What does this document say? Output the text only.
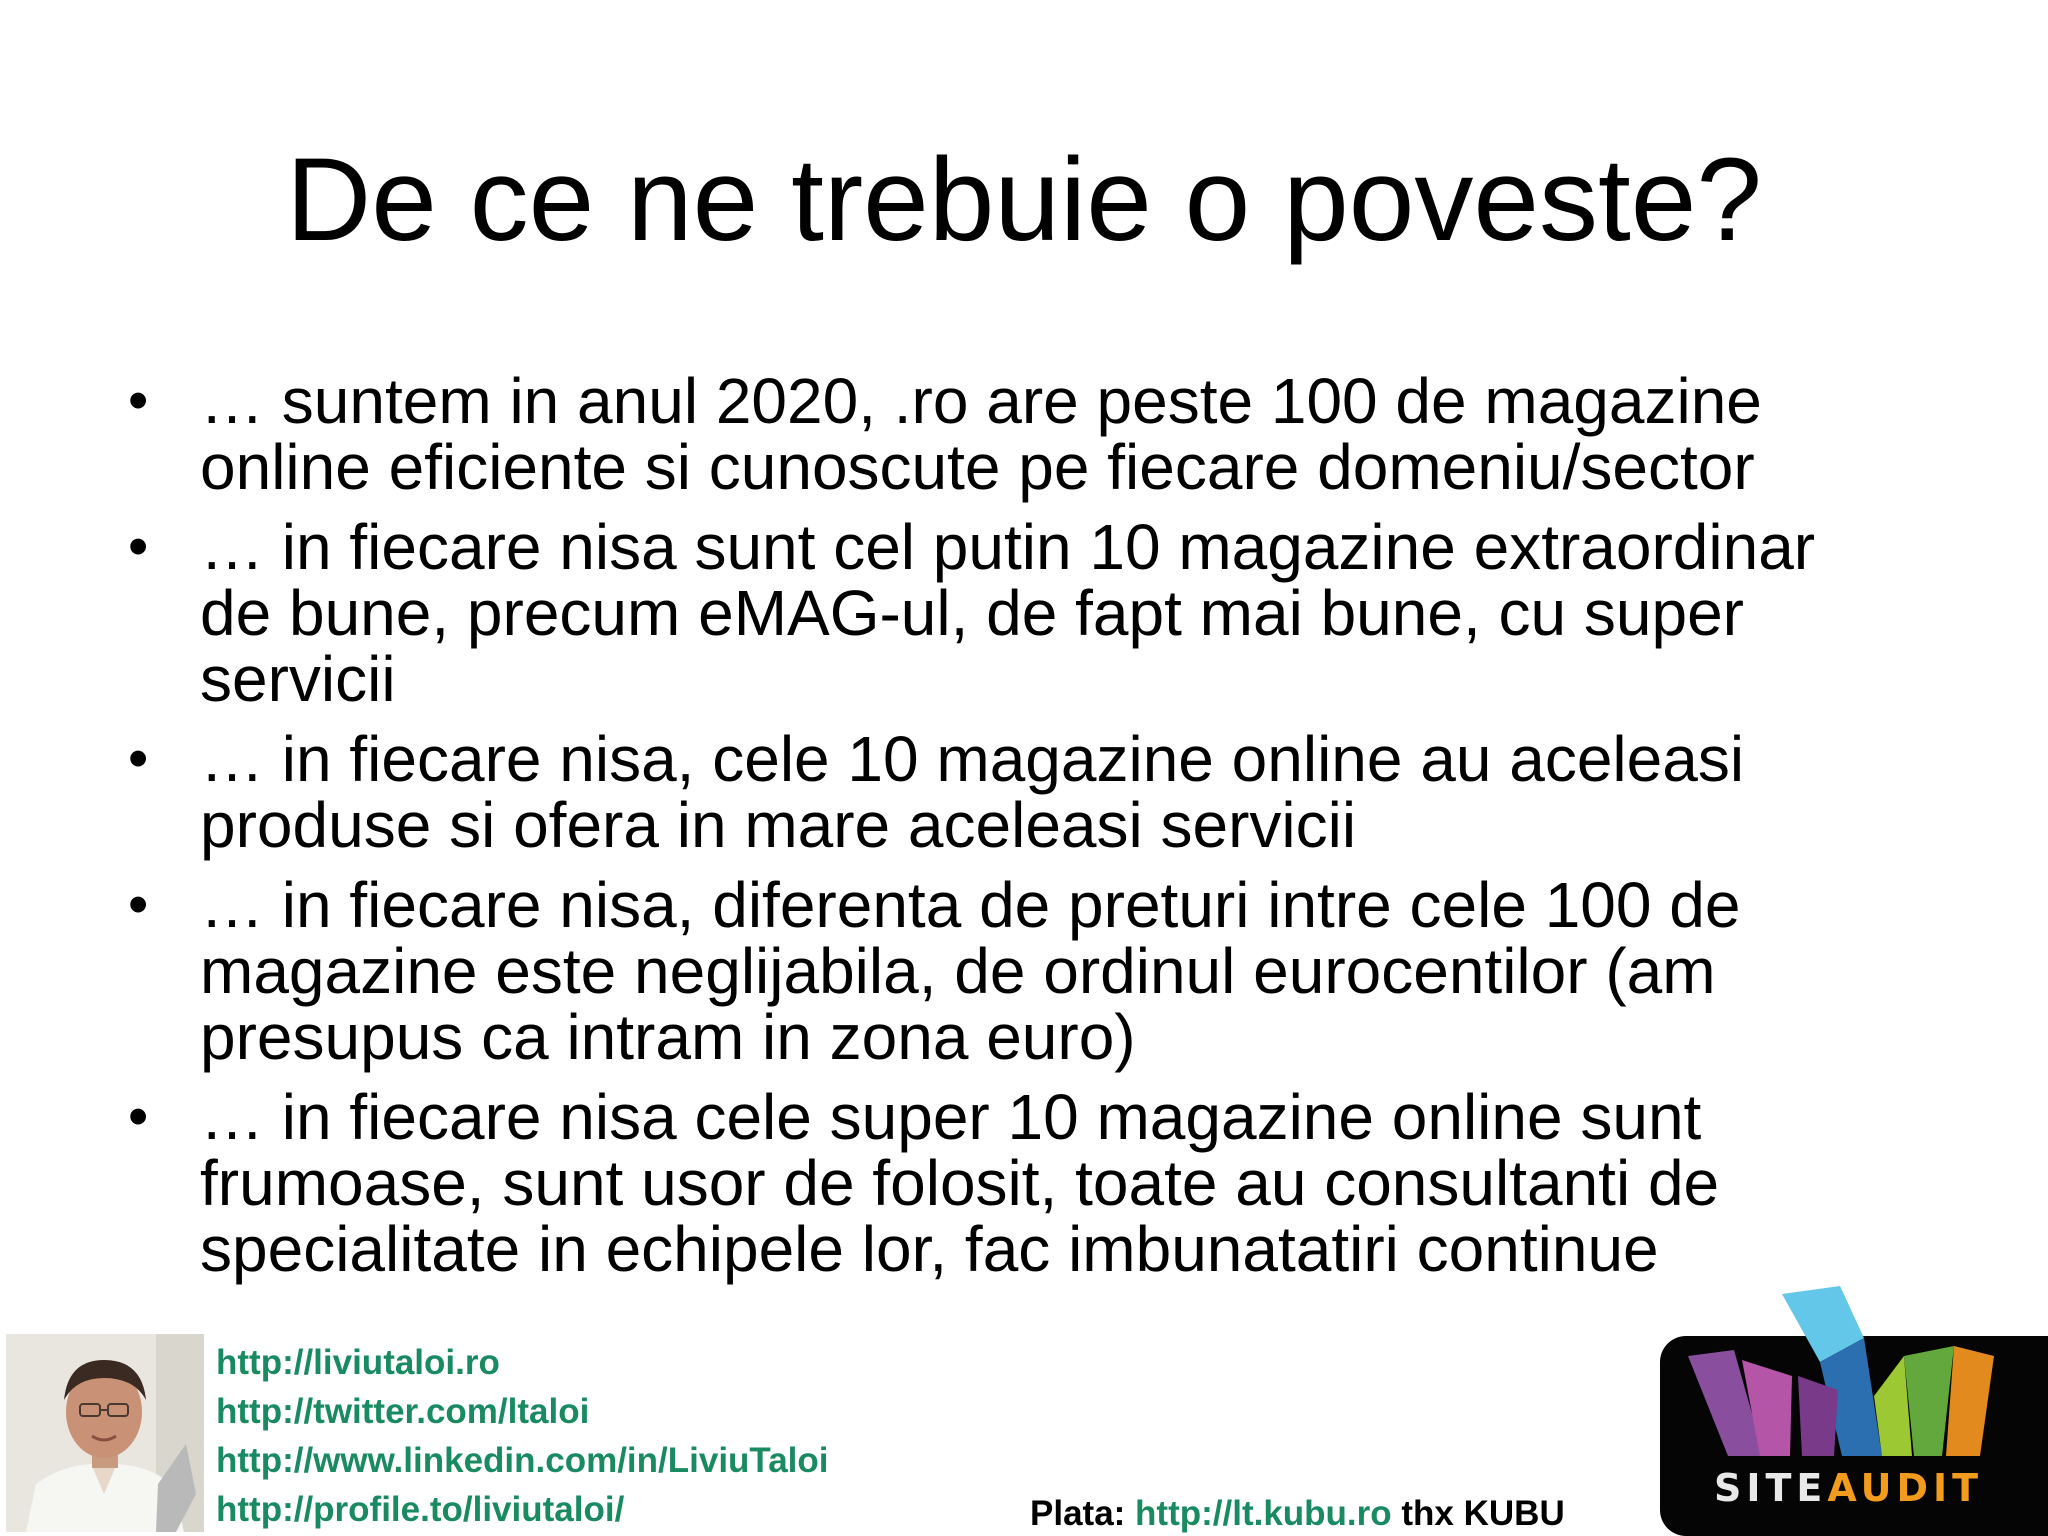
De ce ne trebuie o poveste?
• … suntem in anul 2020, .ro are peste 100 de magazine
online eficiente si cunoscute pe fiecare domeniu/sector
• … in fiecare nisa sunt cel putin 10 magazine extraordinar
de bune, precum eMAG-ul, de fapt mai bune, cu super
servicii
• … in fiecare nisa, cele 10 magazine online au aceleasi
produse si ofera in mare aceleasi servicii
• … in fiecare nisa, diferenta de preturi intre cele 100 de
magazine este neglijabila, de ordinul eurocentilor (am
presupus ca intram in zona euro)
• … in fiecare nisa cele super 10 magazine online sunt
frumoase, sunt usor de folosit, toate au consultanti de
specialitate in echipele lor, fac imbunatatiri continue
http://liviutaloi.ro
http://twitter.com/ltaloi
http://www.linkedin.com/in/LiviuTaloi
http://profile.to/liviutaloi/	Plata: http://lt.kubu.ro thx KUBU
SITEAUDIT
